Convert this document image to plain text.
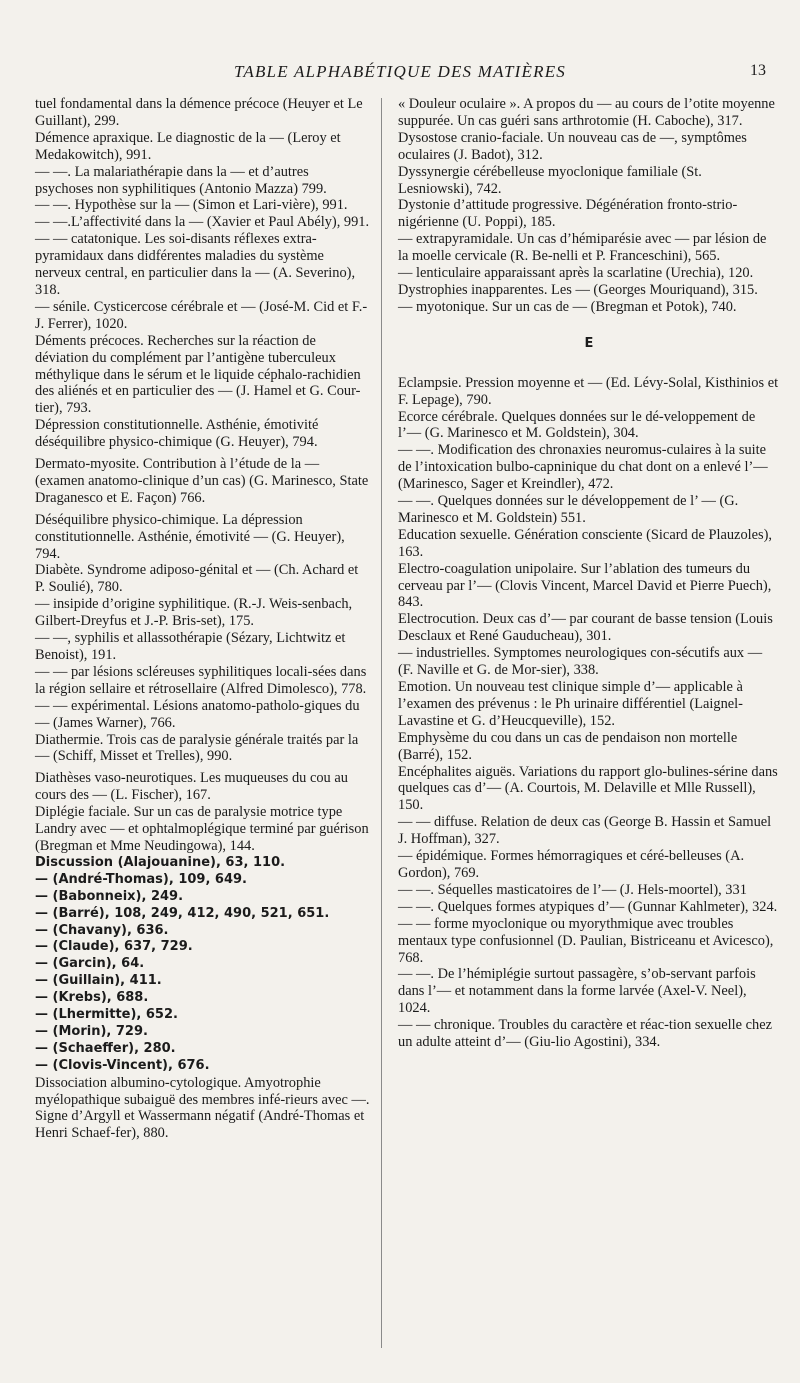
TABLE ALPHABÉTIQUE DES MATIÈRES	13

tuel fondamental dans la démence précoce (Heuyer et Le Guillant), 299.

Démence apraxique. Le diagnostic de la — (Leroy et Medakowitch), 991.

— —. La malariathérapie dans la — et d’autres psychoses non syphilitiques (Antonio Mazza) 799.

— —. Hypothèse sur la — (Simon et Lari-vière), 991.

— —.L’affectivité dans la — (Xavier et Paul Abély), 991.

— — catatonique. Les soi-disants réflexes extra-pyramidaux dans didférentes maladies du système nerveux central, en particulier dans la — (A. Severino), 318.

— sénile. Cysticercose cérébrale et — (José-M. Cid et F.-J. Ferrer), 1020.

Déments précoces. Recherches sur la réaction de déviation du complément par l’antigène tuberculeux méthylique dans le sérum et le liquide céphalo-rachidien des aliénés et en particulier des — (J. Hamel et G. Cour-tier), 793.

Dépression constitutionnelle. Asthénie, émotivité déséquilibre physico-chimique (G. Heuyer), 794.

Dermato-myosite. Contribution à l’étude de la — (examen anatomo-clinique d’un cas) (G. Marinesco, State Draganesco et E. Façon) 766.

Déséquilibre physico-chimique. La dépression constitutionnelle. Asthénie, émotivité — (G. Heuyer), 794.

Diabète. Syndrome adiposo-génital et — (Ch. Achard et P. Soulié), 780.

— insipide d’origine syphilitique. (R.-J. Weis-senbach, Gilbert-Dreyfus et J.-P. Bris-set), 175.

— —, syphilis et allassothérapie (Sézary, Lichtwitz et Benoist), 191.

— — par lésions scléreuses syphilitiques locali-sées dans la région sellaire et rétrosellaire (Alfred Dimolesco), 778.

— — expérimental. Lésions anatomo-patholo-giques du — (James Warner), 766.

Diathermie. Trois cas de paralysie générale traités par la — (Schiff, Misset et Trelles), 990.

Diathèses vaso-neurotiques. Les muqueuses du cou au cours des — (L. Fischer), 167.

Diplégie faciale. Sur un cas de paralysie motrice type Landry avec — et ophtalmoplégique terminé par guérison (Bregman et Mme Neudingowa), 144.

Discussion (Alajouanine), 63, 110.

— (André-Thomas), 109, 649.

— (Babonneix), 249.

— (Barré), 108, 249, 412, 490, 521, 651.

— (Chavany), 636.

— (Claude), 637, 729.

— (Garcin), 64.

— (Guillain), 411.

— (Krebs), 688.

— (Lhermitte), 652.

— (Morin), 729.

— (Schaeffer), 280.

— (Clovis-Vincent), 676.

Dissociation albumino-cytologique. Amyotrophie myélopathique subaiguë des membres infé-rieurs avec —. Signe d’Argyll et Wassermann négatif (André-Thomas et Henri Schaef-fer), 880.

« Douleur oculaire ». A propos du — au cours de l’otite moyenne suppurée. Un cas guéri sans arthrotomie (H. Caboche), 317.

Dysostose cranio-faciale. Un nouveau cas de —, symptômes oculaires (J. Badot), 312.

Dyssynergie cérébelleuse myoclonique familiale (St. Lesniowski), 742.

Dystonie d’attitude progressive. Dégénération fronto-strio-nigérienne (U. Poppi), 185.

— extrapyramidale. Un cas d’hémiparésie avec — par lésion de la moelle cervicale (R. Be-nelli et P. Franceschini), 565.

— lenticulaire apparaissant après la scarlatine (Urechia), 120.

Dystrophies inapparentes. Les — (Georges Mouriquand), 315.

— myotonique. Sur un cas de — (Bregman et Potok), 740.

E

Eclampsie. Pression moyenne et — (Ed. Lévy-Solal, Kisthinios et F. Lepage), 790.

Ecorce cérébrale. Quelques données sur le dé-veloppement de l’— (G. Marinesco et M. Goldstein), 304.

— —. Modification des chronaxies neuromus-culaires à la suite de l’intoxication bulbo-capninique du chat dont on a enlevé l’— (Marinesco, Sager et Kreindler), 472.

— —. Quelques données sur le développement de l’ — (G. Marinesco et M. Goldstein) 551.

Education sexuelle. Génération consciente (Sicard de Plauzoles), 163.

Electro-coagulation unipolaire. Sur l’ablation des tumeurs du cerveau par l’— (Clovis Vincent, Marcel David et Pierre Puech), 843.

Electrocution. Deux cas d’— par courant de basse tension (Louis Desclaux et René Gauducheau), 301.

— industrielles. Symptomes neurologiques con-sécutifs aux — (F. Naville et G. de Mor-sier), 338.

Emotion. Un nouveau test clinique simple d’— applicable à l’examen des prévenus : le Ph urinaire différentiel (Laignel-Lavastine et G. d’Heucqueville), 152.

Emphysème du cou dans un cas de pendaison non mortelle (Barré), 152.

Encéphalites aiguës. Variations du rapport glo-bulines-sérine dans quelques cas d’— (A. Courtois, M. Delaville et Mlle Russell), 150.

— — diffuse. Relation de deux cas (George B. Hassin et Samuel J. Hoffman), 327.

— épidémique. Formes hémorragiques et céré-belleuses (A. Gordon), 769.

— —. Séquelles masticatoires de l’— (J. Hels-moortel), 331

— —. Quelques formes atypiques d’— (Gunnar Kahlmeter), 324.

— — forme myoclonique ou myorythmique avec troubles mentaux type confusionnel (D. Paulian, Bistriceanu et Avicesco), 768.

— —. De l’hémiplégie surtout passagère, s’ob-servant parfois dans l’— et notamment dans la forme larvée (Axel-V. Neel), 1024.

— — chronique. Troubles du caractère et réac-tion sexuelle chez un adulte atteint d’— (Giu-lio Agostini), 334.
